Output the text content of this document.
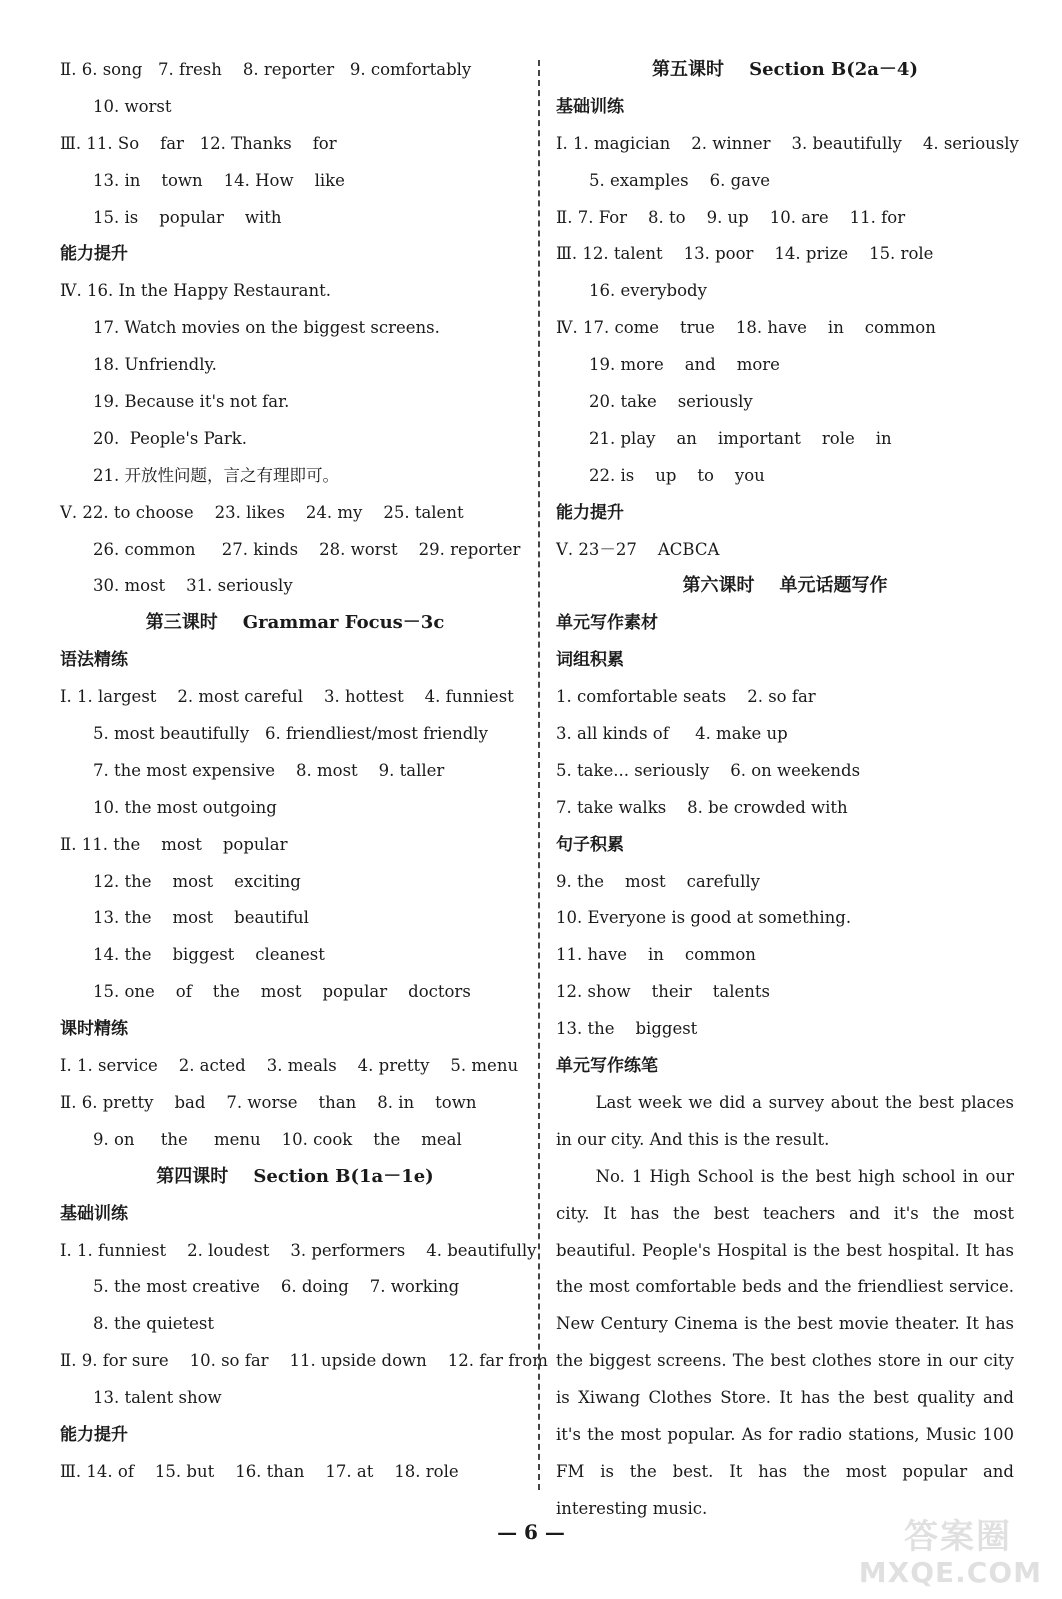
Ⅱ. 6. song   7. fresh    8. reporter   9. comfortably
10. worst
Ⅲ. 11. So    far   12. Thanks    for
13. in    town    14. How    like
15. is    popular    with
能力提升
Ⅳ. 16. In the Happy Restaurant.
17. Watch movies on the biggest screens.
18. Unfriendly.
19. Because it's not far.
20.  People's Park.
21. 开放性问题，言之有理即可。
Ⅴ. 22. to choose    23. likes    24. my    25. talent
26. common     27. kinds    28. worst    29. reporter
30. most    31. seriously
第三课时    Grammar Focus－3c
语法精练
Ⅰ. 1. largest    2. most careful    3. hottest    4. funniest
5. most beautifully   6. friendliest/most friendly
7. the most expensive    8. most    9. taller
10. the most outgoing
Ⅱ. 11. the    most    popular
12. the    most    exciting
13. the    most    beautiful
14. the    biggest    cleanest
15. one    of    the    most    popular    doctors
课时精练
Ⅰ. 1. service    2. acted    3. meals    4. pretty    5. menu
Ⅱ. 6. pretty    bad    7. worse    than    8. in    town
9. on     the     menu    10. cook    the    meal
第四课时    Section B(1a－1e)
基础训练
Ⅰ. 1. funniest    2. loudest    3. performers    4. beautifully
5. the most creative    6. doing    7. working
8. the quietest
Ⅱ. 9. for sure    10. so far    11. upside down    12. far from
13. talent show
能力提升
Ⅲ. 14. of    15. but    16. than    17. at    18. role
第五课时    Section B(2a－4)
基础训练
Ⅰ. 1. magician    2. winner    3. beautifully    4. seriously
5. examples    6. gave
Ⅱ. 7. For    8. to    9. up    10. are    11. for
Ⅲ. 12. talent    13. poor    14. prize    15. role
16. everybody
Ⅳ. 17. come    true    18. have    in    common
19. more    and    more
20. take    seriously
21. play    an    important    role    in
22. is    up    to    you
能力提升
Ⅴ. 23－27    ACBCA
第六课时    单元话题写作
单元写作素材
词组积累
1. comfortable seats    2. so far
3. all kinds of     4. make up
5. take... seriously    6. on weekends
7. take walks    8. be crowded with
句子积累
9. the    most    carefully
10. Everyone is good at something.
11. have    in    common
12. show    their    talents
13. the    biggest
单元写作练笔
Last week we did a survey about the best places in our city. And this is the result.
No. 1 High School is the best high school in our city. It has the best teachers and it's the most beautiful. People's Hospital is the best hospital. It has the most comfortable beds and the friendliest service. New Century Cinema is the best movie theater. It has the biggest screens. The best clothes store in our city is Xiwang Clothes Store. It has the best quality and it's the most popular. As for radio stations, Music 100 FM is the best. It has the most popular and interesting music.
— 6 —	答案圈
MXQE.COM
